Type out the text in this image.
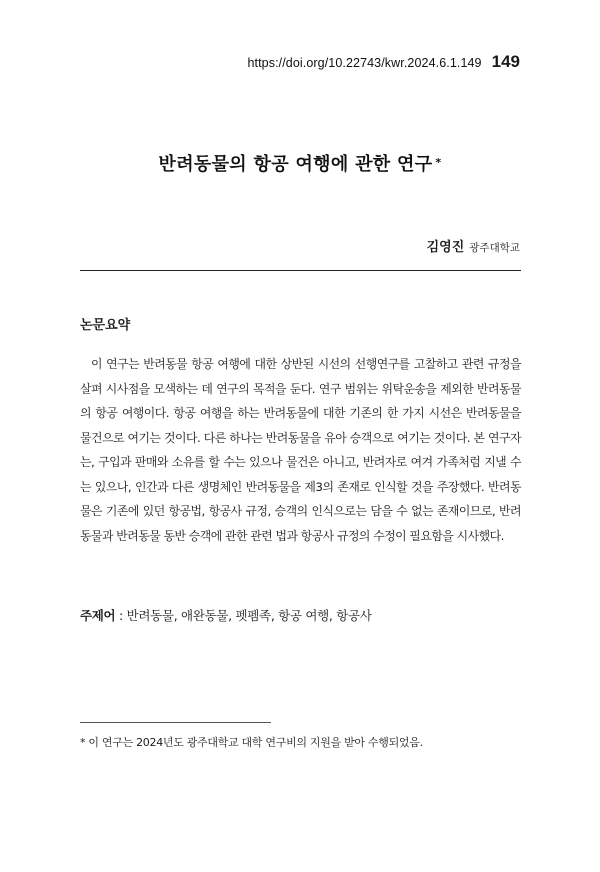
https://doi.org/10.22743/kwr.2024.6.1.149 149
반려동물의 항공 여행에 관한 연구 *
김영진 광주대학교
논문요약

이 연구는 반려동물 항공 여행에 대한 상반된 시선의 선행연구를 고찰하고 관련 규정을 살펴 시사점을 모색하는 데 연구의 목적을 둔다. 연구 범위는 위탁운송을 제외한 반려동물의 항공 여행이다. 항공 여행을 하는 반려동물에 대한 기존의 한 가지 시선은 반려동물을 물건으로 여기는 것이다. 다른 하나는 반려동물을 유아 승객으로 여기는 것이다. 본 연구자는, 구입과 판매와 소유를 할 수는 있으나 물건은 아니고, 반려자로 여겨 가족처럼 지낼 수는 있으나, 인간과 다른 생명체인 반려동물을 제3의 존재로 인식할 것을 주장했다. 반려동물은 기존에 있던 항공법, 항공사 규정, 승객의 인식으로는 담을 수 없는 존재이므로, 반려동물과 반려동물 동반 승객에 관한 관련 법과 항공사 규정의 수정이 필요함을 시사했다.

주제어 : 반려동물, 애완동물, 펫펨족, 항공 여행, 항공사
* 이 연구는 2024년도 광주대학교 대학 연구비의 지원을 받아 수행되었음.
